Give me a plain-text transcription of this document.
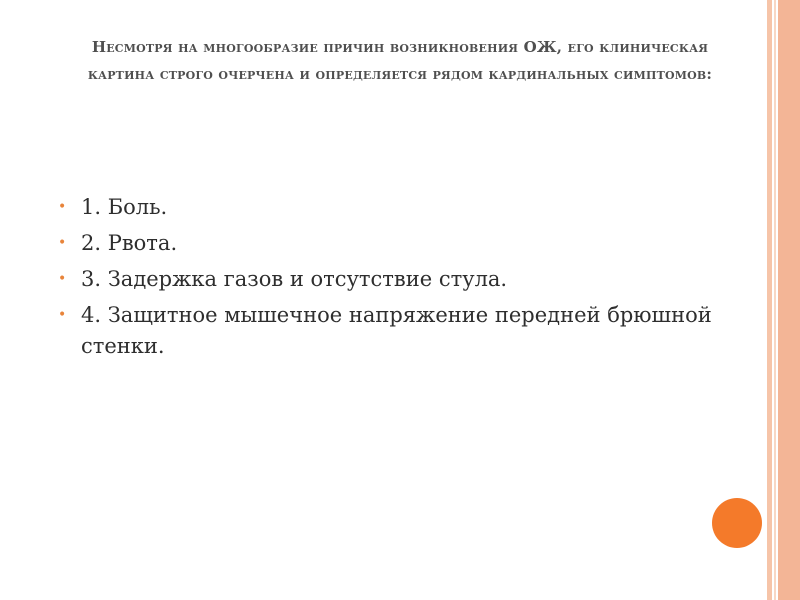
Несмотря на многообразие причин возникновения ОЖ, его клиническая картина строго очерчена и определяется рядом кардинальных симптомов:
• 1. Боль.
• 2. Рвота.
• 3. Задержка газов и отсутствие стула.
• 4. Защитное мышечное напряжение передней брюшной стенки.
